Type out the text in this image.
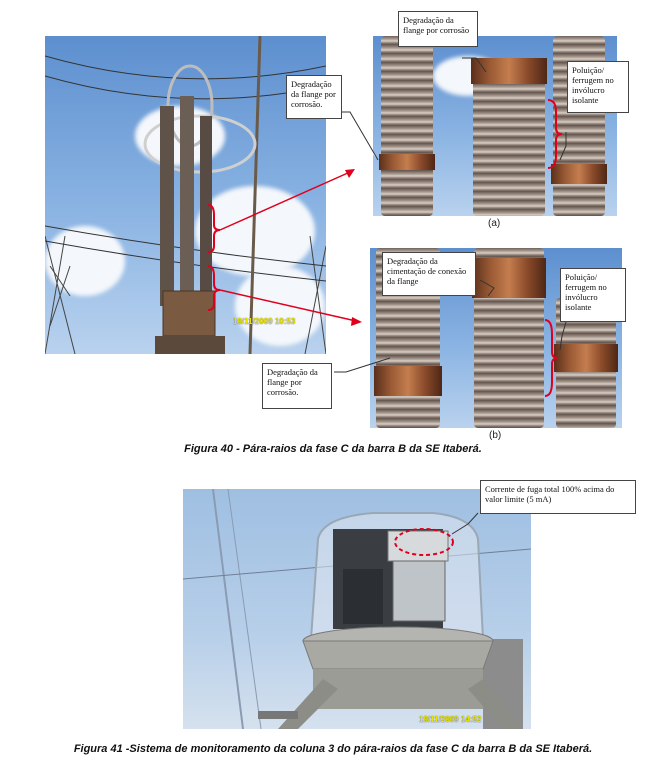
19/11/2009 10:53
(a)
(b)
Degradação da flange por corrosão.
Degradação da flange por corrosão
Poluição/ ferrugem no invólucro isolante
Degradação da cimentação de conexão da flange	Poluição/ ferrugem no invólucro isolante
Degradação da flange por corrosão.
Figura 40 - Pára-raios da fase C da barra B da SE Itaberá.
19/11/2009 14:52
Corrente de fuga total 100% acima do valor limite (5 mA)
Figura 41 -Sistema de monitoramento da coluna 3 do pára-raios da fase C da barra B da SE Itaberá.
